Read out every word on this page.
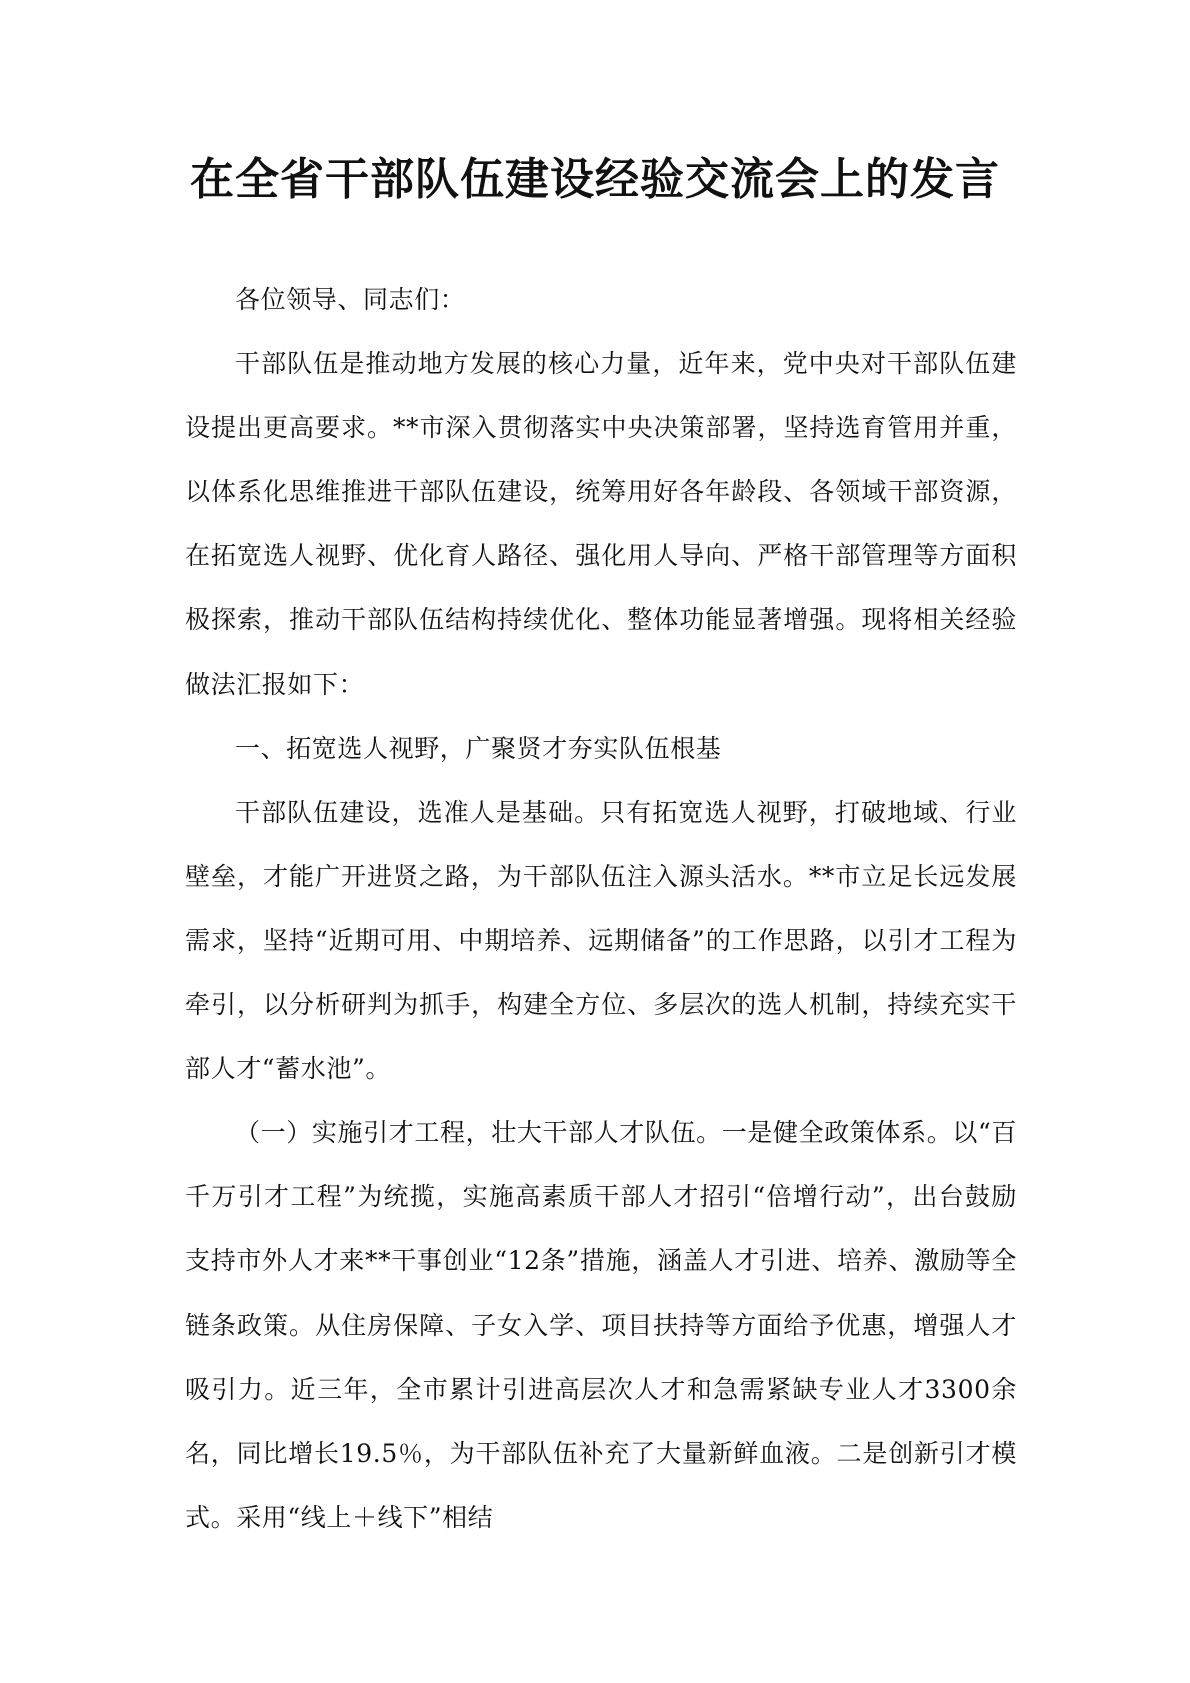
在全省干部队伍建设经验交流会上的发言

各位领导、同志们：

干部队伍是推动地方发展的核心力量，近年来，党中央对干部队伍建设提出更高要求。**市深入贯彻落实中央决策部署，坚持选育管用并重，以体系化思维推进干部队伍建设，统筹用好各年龄段、各领域干部资源，在拓宽选人视野、优化育人路径、强化用人导向、严格干部管理等方面积极探索，推动干部队伍结构持续优化、整体功能显著增强。现将相关经验做法汇报如下：

一、拓宽选人视野，广聚贤才夯实队伍根基

干部队伍建设，选准人是基础。只有拓宽选人视野，打破地域、行业壁垒，才能广开进贤之路，为干部队伍注入源头活水。**市立足长远发展需求，坚持“近期可用、中期培养、远期储备”的工作思路，以引才工程为牵引，以分析研判为抓手，构建全方位、多层次的选人机制，持续充实干部人才“蓄水池”。

（一）实施引才工程，壮大干部人才队伍。一是健全政策体系。以“百千万引才工程”为统揽，实施高素质干部人才招引“倍增行动”，出台鼓励支持市外人才来**干事创业“12条”措施，涵盖人才引进、培养、激励等全链条政策。从住房保障、子女入学、项目扶持等方面给予优惠，增强人才吸引力。近三年，全市累计引进高层次人才和急需紧缺专业人才3300余名，同比增长19.5％，为干部队伍补充了大量新鲜血液。二是创新引才模式。采用“线上＋线下”相结
